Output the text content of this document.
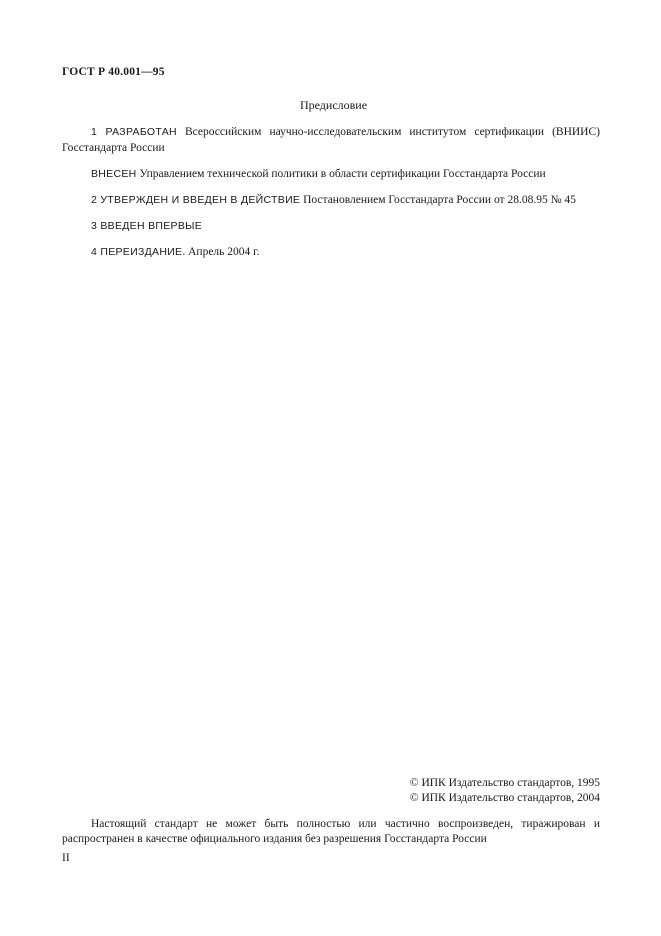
ГОСТ Р 40.001—95
Предисловие

1 РАЗРАБОТАН Всероссийским научно-исследовательским институтом сертификации (ВНИИС) Госстандарта России

ВНЕСЕН Управлением технической политики в области сертификации Госстандарта России

2 УТВЕРЖДЕН И ВВЕДЕН В ДЕЙСТВИЕ Постановлением Госстандарта России от 28.08.95 № 45

3 ВВЕДЕН ВПЕРВЫЕ

4 ПЕРЕИЗДАНИЕ. Апрель 2004 г.

© ИПК Издательство стандартов, 1995
© ИПК Издательство стандартов, 2004

Настоящий стандарт не может быть полностью или частично воспроизведен, тиражирован и распространен в качестве официального издания без разрешения Госстандарта России

II
